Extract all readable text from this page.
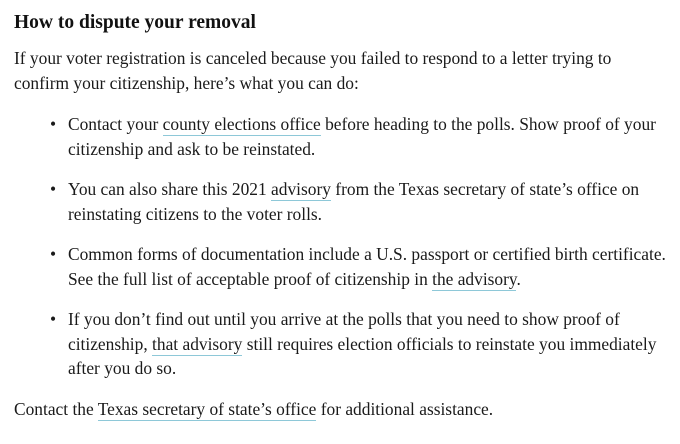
How to dispute your removal

If your voter registration is canceled because you failed to respond to a letter trying to confirm your citizenship, here’s what you can do:

• Contact your county elections office before heading to the polls. Show proof of your citizenship and ask to be reinstated.
• You can also share this 2021 advisory from the Texas secretary of state’s office on reinstating citizens to the voter rolls.
• Common forms of documentation include a U.S. passport or certified birth certificate. See the full list of acceptable proof of citizenship in the advisory.
• If you don’t find out until you arrive at the polls that you need to show proof of citizenship, that advisory still requires election officials to reinstate you immediately after you do so.

Contact the Texas secretary of state’s office for additional assistance.
